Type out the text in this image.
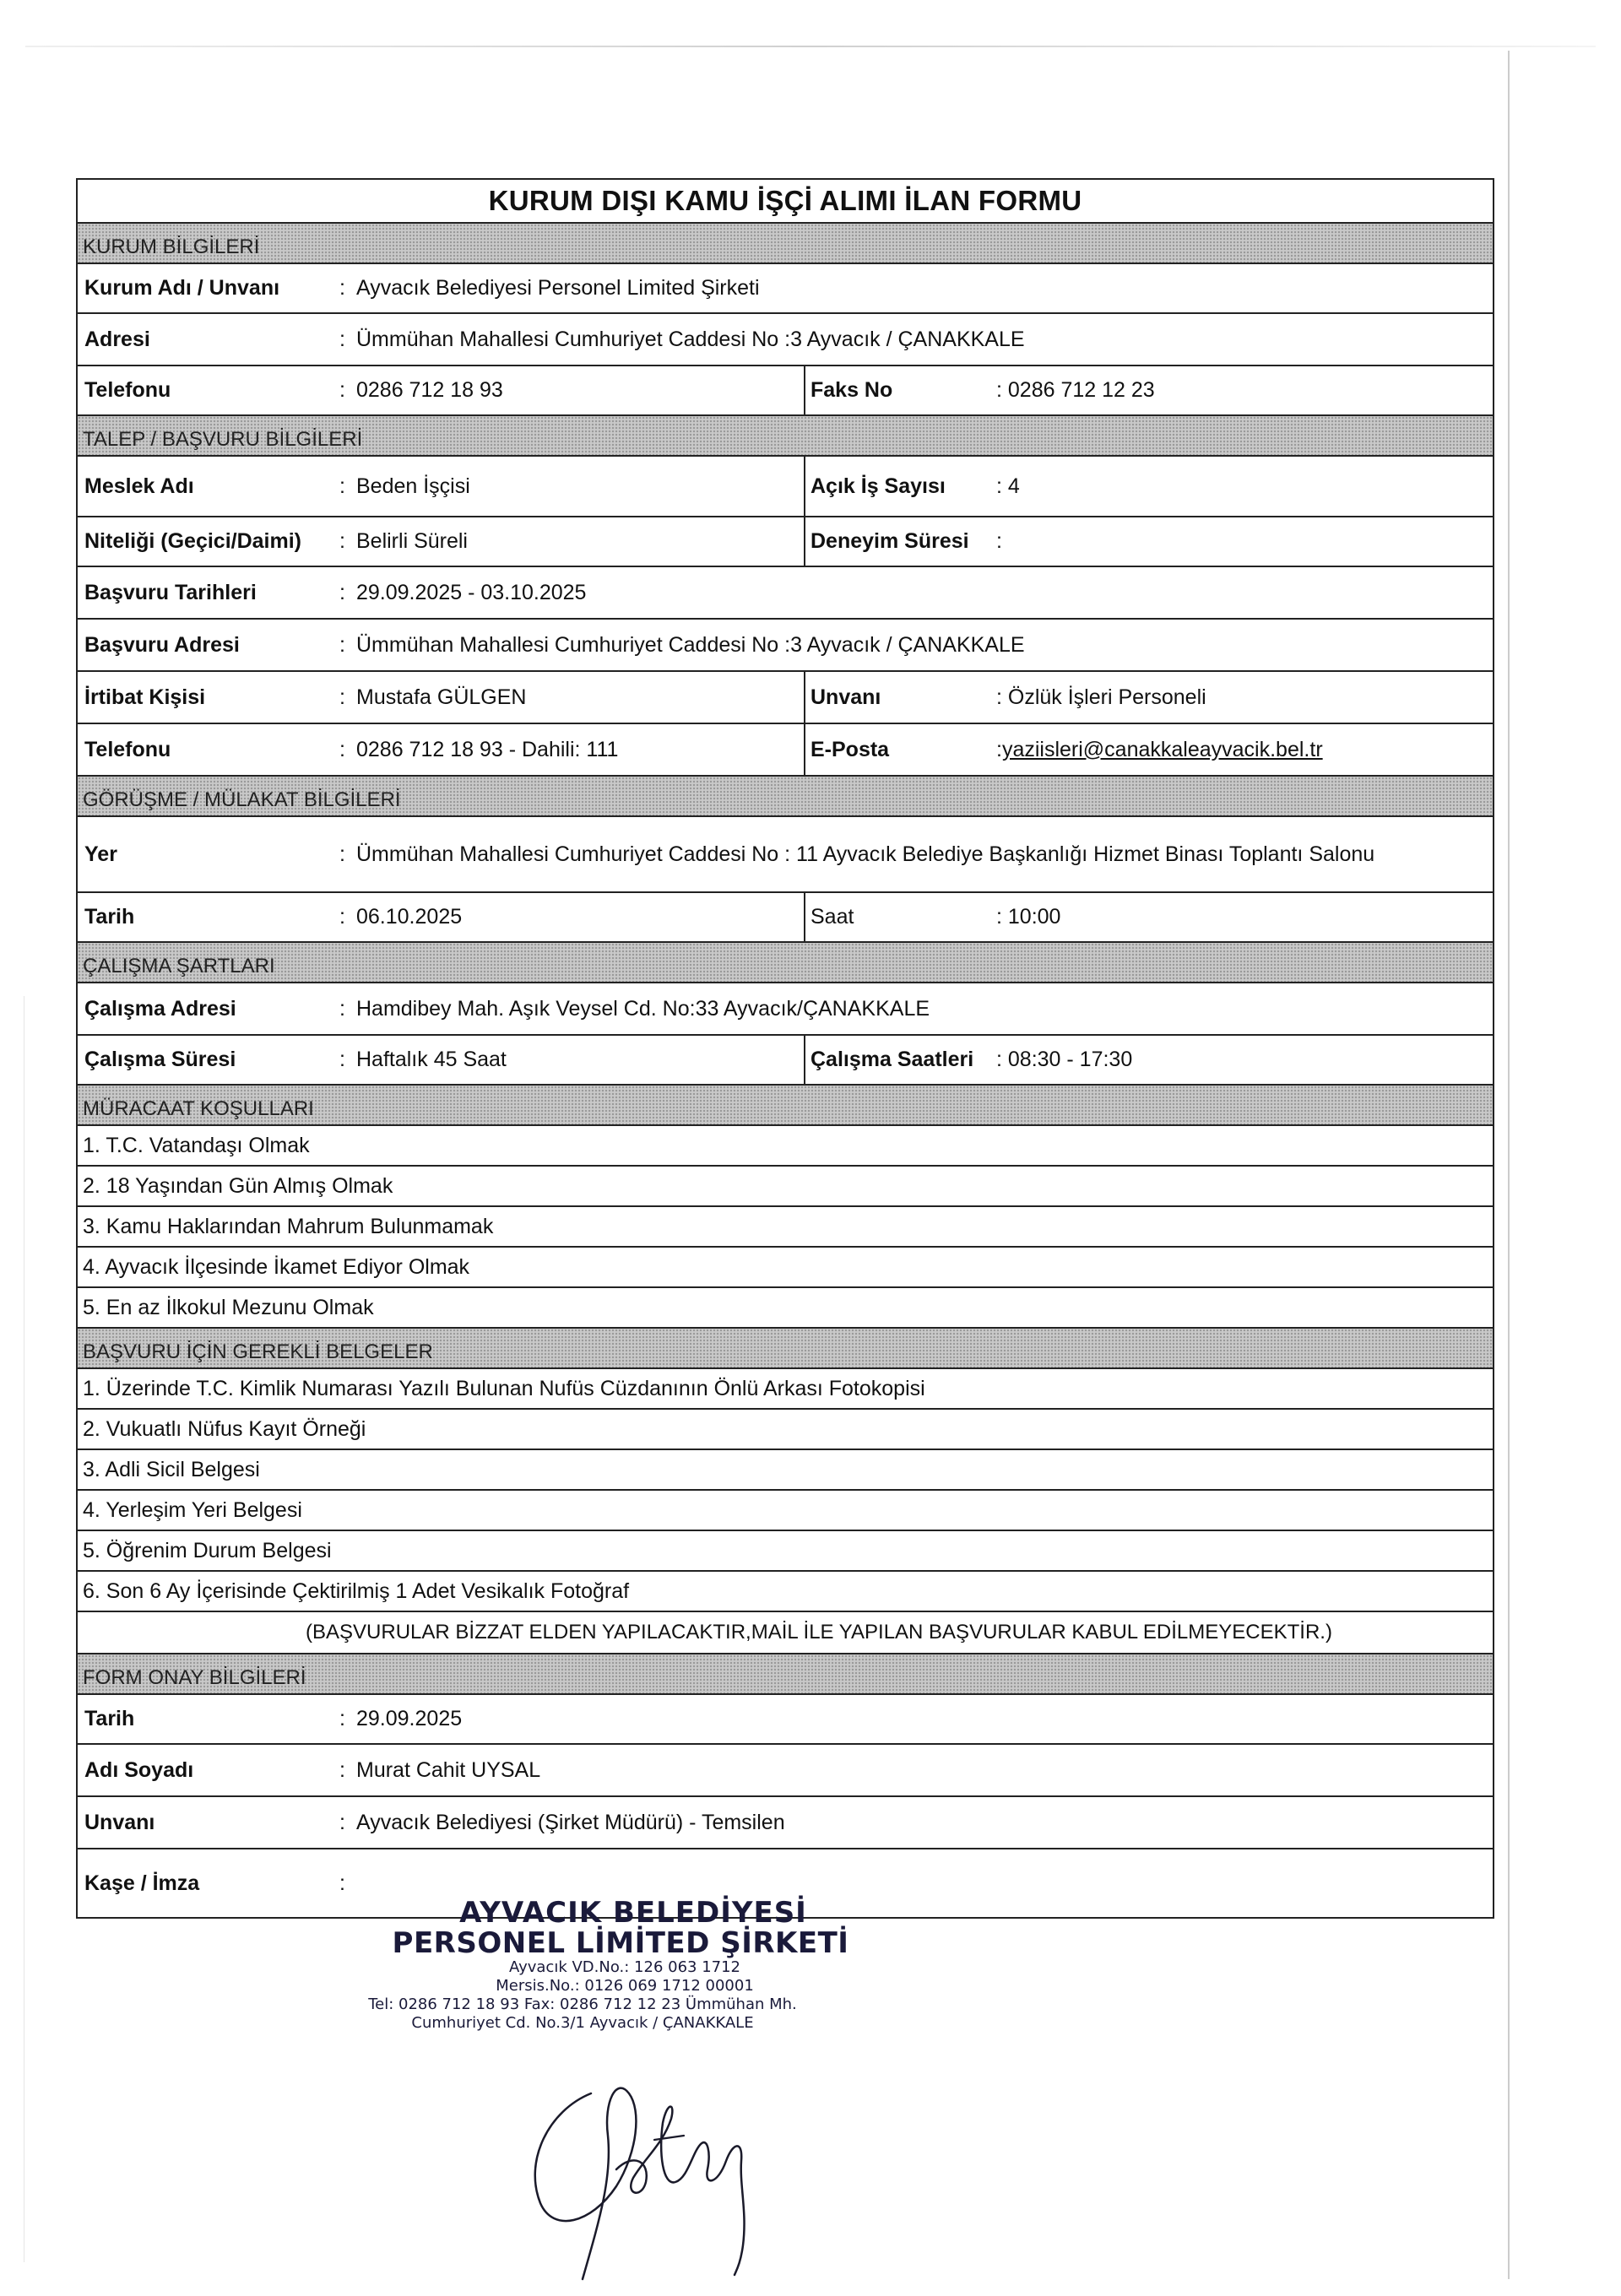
KURUM DIŞI KAMU İŞÇİ ALIMI İLAN FORMU
KURUM BİLGİLERİ
Kurum Adı / Unvanı	: Ayvacık Belediyesi Personel Limited Şirketi
Adresi	: Ümmühan Mahallesi Cumhuriyet Caddesi No :3 Ayvacık / ÇANAKKALE
Telefonu	: 0286 712 18 93	Faks No	: 0286 712 12 23
TALEP / BAŞVURU BİLGİLERİ
Meslek Adı	: Beden İşçisi	Açık İş Sayısı	: 4
Niteliği (Geçici/Daimi)	: Belirli Süreli	Deneyim Süresi	:
Başvuru Tarihleri	: 29.09.2025 - 03.10.2025
Başvuru Adresi	: Ümmühan Mahallesi Cumhuriyet Caddesi No :3 Ayvacık / ÇANAKKALE
İrtibat Kişisi	: Mustafa GÜLGEN	Unvanı	: Özlük İşleri Personeli
Telefonu	: 0286 712 18 93 - Dahili: 111	E-Posta	: yaziisleri@canakkaleayvacik.bel.tr
GÖRÜŞME / MÜLAKAT BİLGİLERİ
Yer	: Ümmühan Mahallesi Cumhuriyet Caddesi No : 11 Ayvacık Belediye Başkanlığı Hizmet Binası Toplantı Salonu
Tarih	: 06.10.2025	Saat	: 10:00
ÇALIŞMA ŞARTLARI
Çalışma Adresi	: Hamdibey Mah. Aşık Veysel Cd. No:33 Ayvacık/ÇANAKKALE
Çalışma Süresi	: Haftalık 45 Saat	Çalışma Saatleri	: 08:30 - 17:30
MÜRACAAT KOŞULLARI
1. T.C. Vatandaşı Olmak
2. 18 Yaşından Gün Almış Olmak
3. Kamu Haklarından Mahrum Bulunmamak
4. Ayvacık İlçesinde İkamet Ediyor Olmak
5. En az İlkokul Mezunu Olmak
BAŞVURU İÇİN GEREKLİ BELGELER
1. Üzerinde T.C. Kimlik Numarası Yazılı Bulunan Nufüs Cüzdanının Önlü Arkası Fotokopisi
2. Vukuatlı Nüfus Kayıt Örneği
3. Adli Sicil Belgesi
4. Yerleşim Yeri Belgesi
5. Öğrenim Durum Belgesi
6. Son 6 Ay İçerisinde Çektirilmiş 1 Adet Vesikalık Fotoğraf
(BAŞVURULAR BİZZAT ELDEN YAPILACAKTIR,MAİL İLE YAPILAN BAŞVURULAR KABUL EDİLMEYECEKTİR.)
FORM ONAY BİLGİLERİ
Tarih	: 29.09.2025
Adı Soyadı	: Murat Cahit UYSAL
Unvanı	: Ayvacık Belediyesi (Şirket Müdürü) - Temsilen
Kaşe / İmza	:
AYVACIK BELEDİYESİ
PERSONEL LİMİTED ŞİRKETİ
Ayvacık VD.No.: 126 063 1712
Mersis.No.: 0126 069 1712 00001
Tel: 0286 712 18 93 Fax: 0286 712 12 23 Ümmühan Mh.
Cumhuriyet Cd. No.3/1 Ayvacık / ÇANAKKALE
